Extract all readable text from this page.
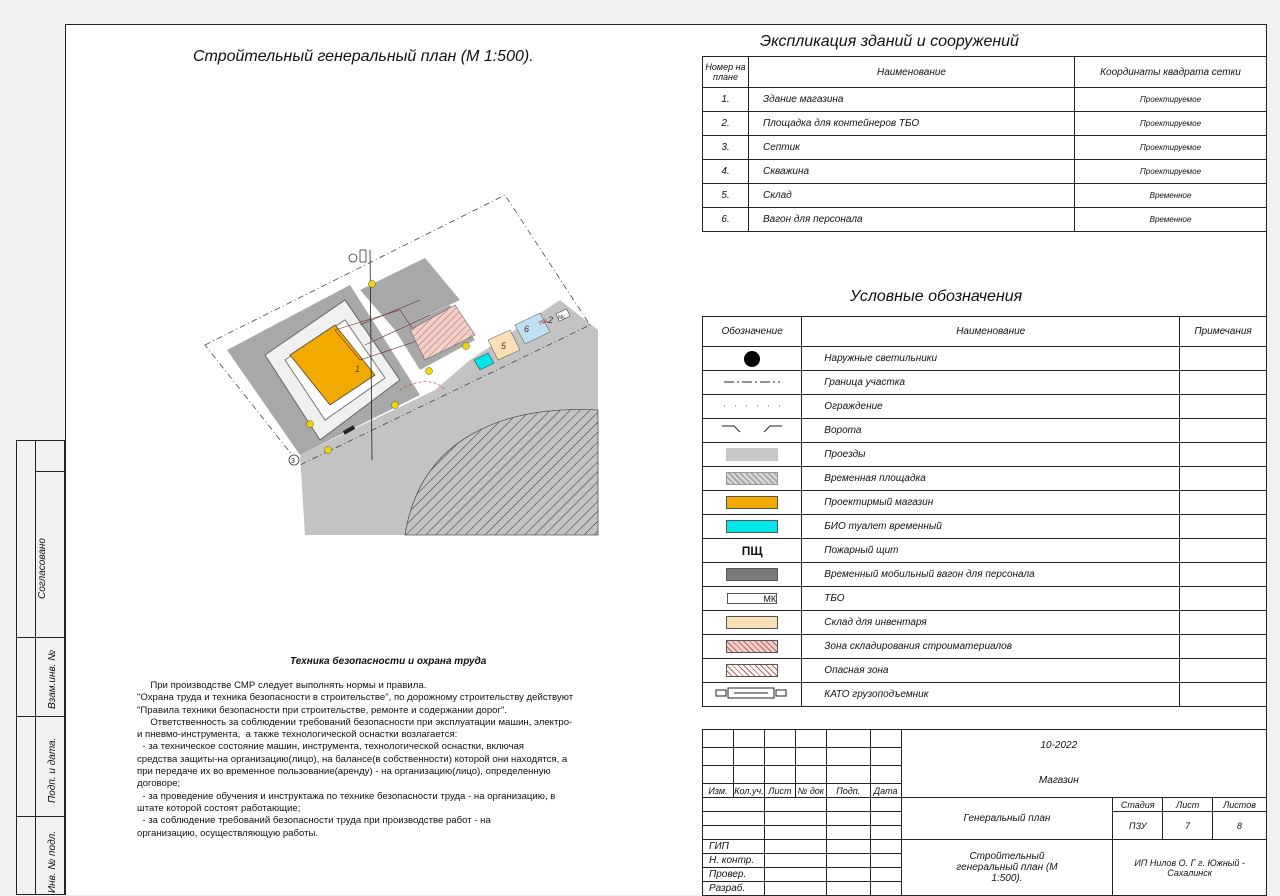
Стройтельный генеральный план (М 1:500).
1
5
6
2 МК
ПЩ
3
Экспликация зданий и сооружений
Номер на плане	Наименование	Координаты квадрата сетки
1.	Здание магазина	Проектируемое
2.	Площадка для контейнеров ТБО	Проектируемое
3.	Септик	Проектируемое
4.	Скважина	Проектируемое
5.	Склад	Временное
6.	Вагон для персонала	Временное
Условные обозначения
Обозначение	Наименование	Примечания
	Наружные светильники	
	Граница участка	
	Ограждение	
	Ворота	
	Проезды	
	Временная площадка	
	Проектирмый магазин	
	БИО туалет временный	
ПЩ	Пожарный щит	
	Временный мобильный вагон для персонала	
МК	ТБО	
	Склад для инвентаря	
	Зона складирования строиматериалов	
	Опасная зона	
	КАТО грузоподъемник	
Техника безопасности и охрана труда

При производстве СМР следует выполнять нормы и правила.

"Охрана труда и техника безопасности в строительстве", по дорожному строительству действуют

"Правила техники безопасности при строительстве, ремонте и содержании дорог".

Ответственность за соблюдении требований безопасности при эксплуатации машин, электро-

и пневмо-инструмента,  а также технологической оснастки возлагается:

- за техническое состояние машин, инструмента, технологической оснастки, включая

средства защиты-на организацию(лицо), на балансе(в собственности) которой они находятся, а

при передаче их во временное пользование(аренду) - на организацию(лицо), определенную

договоре;

- за проведение обучения и инструктажа по технике безопасности труда - на организацию, в

штате которой состоят работающие;

- за соблюдение требований безопасности труда при производстве работ - на

организацию, осуществляющую работы.

						10-2022
Магазин			

Изм.	Кол.уч.	Лист	№ док	Подп.	Дата				
						Генеральный план	Стадия	Лист	Листов
							ПЗУ	7	8

ГИП						Стройтельный генеральный план (М 1:500).	ИП Нилов О. Г г. Южный - Сахалинск		
Н. контр.									
Провер.									
Разраб.									
Согласовано
Взам.инв. №
Подп. и дата.
Инв. № подл.
